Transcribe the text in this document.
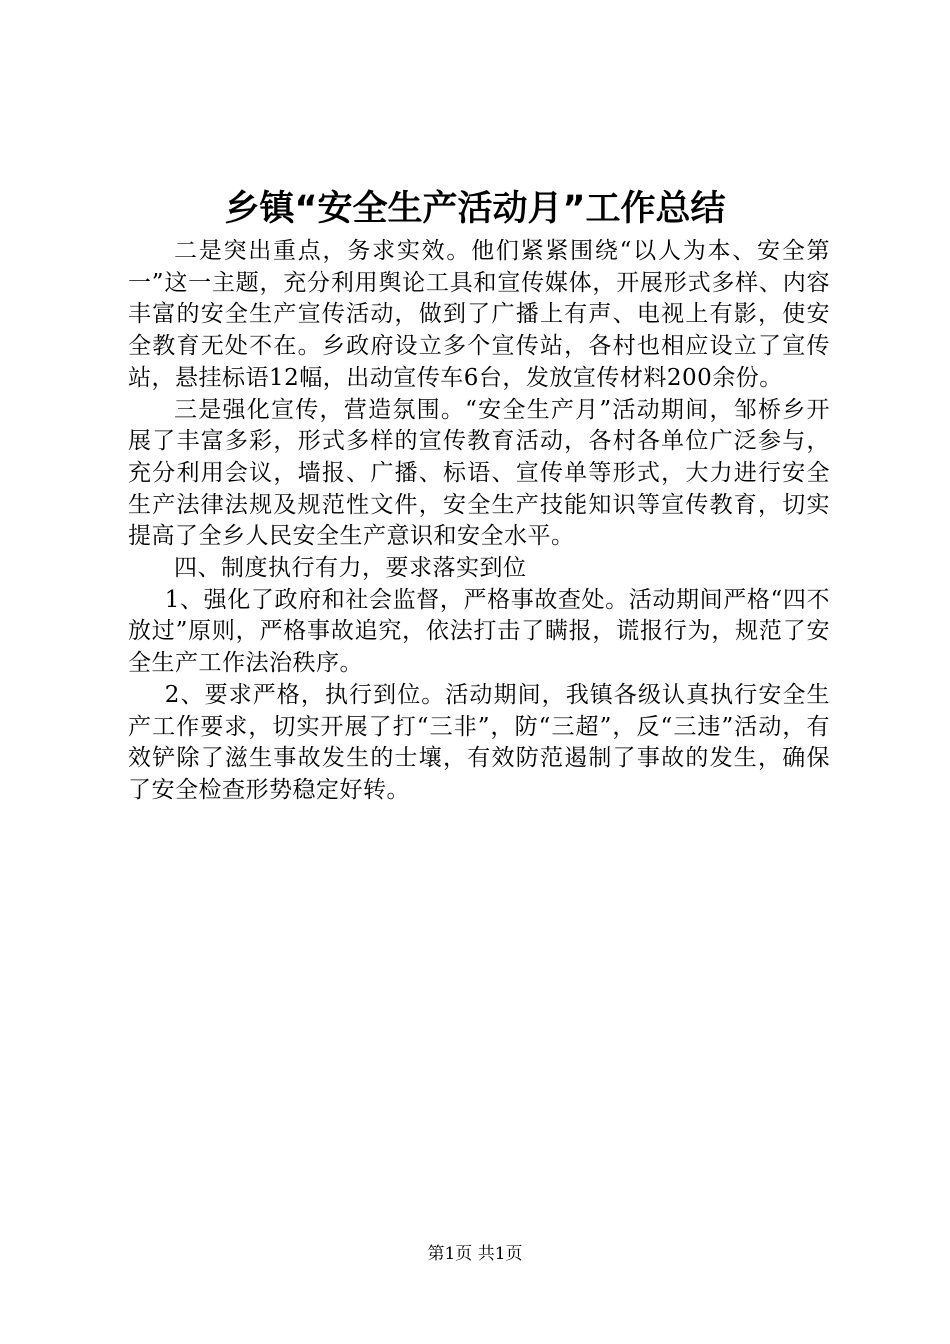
乡镇“安全生产活动月”工作总结

二是突出重点，务求实效。他们紧紧围绕“以人为本、安全第一”这一主题，充分利用舆论工具和宣传媒体，开展形式多样、内容丰富的安全生产宣传活动，做到了广播上有声、电视上有影，使安全教育无处不在。乡政府设立多个宣传站，各村也相应设立了宣传站，悬挂标语12幅，出动宣传车6台，发放宣传材料200余份。

三是强化宣传，营造氛围。“安全生产月”活动期间，邹桥乡开展了丰富多彩，形式多样的宣传教育活动，各村各单位广泛参与，充分利用会议，墙报、广播、标语、宣传单等形式，大力进行安全生产法律法规及规范性文件，安全生产技能知识等宣传教育，切实提高了全乡人民安全生产意识和安全水平。

四、制度执行有力，要求落实到位

1、强化了政府和社会监督，严格事故查处。活动期间严格“四不放过”原则，严格事故追究，依法打击了瞒报，谎报行为，规范了安全生产工作法治秩序。

2、要求严格，执行到位。活动期间，我镇各级认真执行安全生产工作要求，切实开展了打“三非”，防“三超”，反“三违”活动，有效铲除了滋生事故发生的士壤，有效防范遏制了事故的发生，确保了安全检查形势稳定好转。

第1页 共1页
